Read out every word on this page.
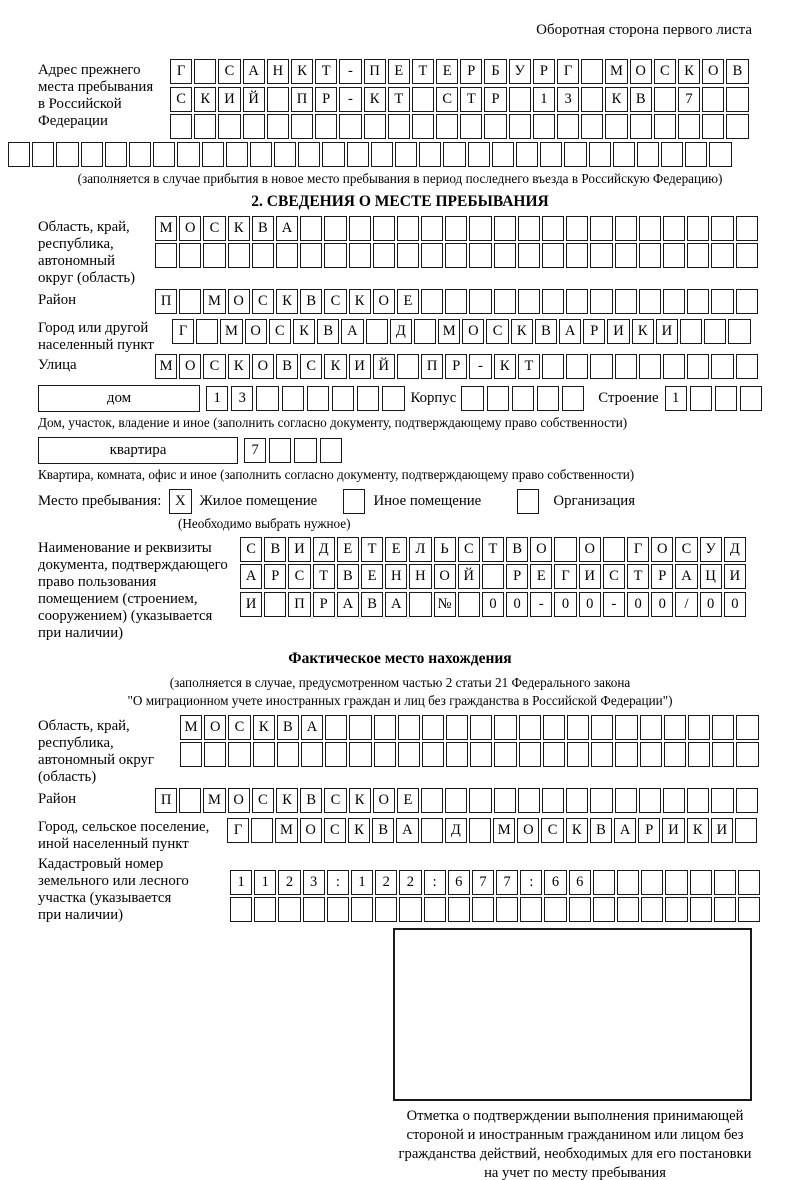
Оборотная сторона первого листа
Адрес прежнего
места пребывания
в Российской
Федерации
Г	С А Н К	Т	-	П	Е	Т	Е	Р	Б	У	Р	Г	М О С	К О В
С	К И Й	П	Р	-	К	Т	С	Т	Р	1	3	К	В	7
(заполняется в случае прибытия в новое место пребывания в период последнего въезда в Российскую Федерацию)
2. СВЕДЕНИЯ О МЕСТЕ ПРЕБЫВАНИЯ
Область, край,
республика,
автономный
округ (область)
М О С	К	В А
Район	П	М О С	К	В	С	К О	Е
Город или другой
населенный пункт
Г	М О С	К	В А	Д	М О С	К	В А	Р	И К И
Улица	М О С	К О В	С	К И Й	П	Р	-	К	Т
дом	1	3	Корпус	Строение 1
Дом, участок, владение и иное (заполнить согласно документу, подтверждающему право собственности)
квартира	7
Квартира, комната, офис и иное (заполнить согласно документу, подтверждающему право собственности)
Место пребывания: X Жилое помещение	Иное помещение	Организация
(Необходимо выбрать нужное)
Наименование и реквизиты
документа, подтверждающего
право пользования
помещением (строением,
сооружением) (указывается
при наличии)
С	В И Д	Е	Т	Е	Л	Ь	С	Т	В О	О	Г	О С У Д
А	Р	С	Т	В	Е	Н Н О Й	Р	Е	Г	И С	Т	Р	А Ц И
И	П	Р	А В А	№	0	0	-	0	0	-	0	0	/	0	0
Фактическое место нахождения
(заполняется в случае, предусмотренном частью 2 статьи 21 Федерального закона
"О миграционном учете иностранных граждан и лиц без гражданства в Российской Федерации")
Область, край,
республика,
автономный округ
(область)
М О С	К	В А
Район	П	М О С	К	В	С	К О	Е
Город, сельское поселение,
иной населенный пункт
Г	М О С	К	В А	Д	М О С	К	В А	Р	И К И
Кадастровый номер
земельного или лесного
участка (указывается
при наличии)
1	1	2	3	:	1	2	2	:	6	7	7	:	6	6
Отметка о подтверждении выполнения принимающей
стороной и иностранным гражданином или лицом без
гражданства действий, необходимых для его постановки
на учет по месту пребывания
